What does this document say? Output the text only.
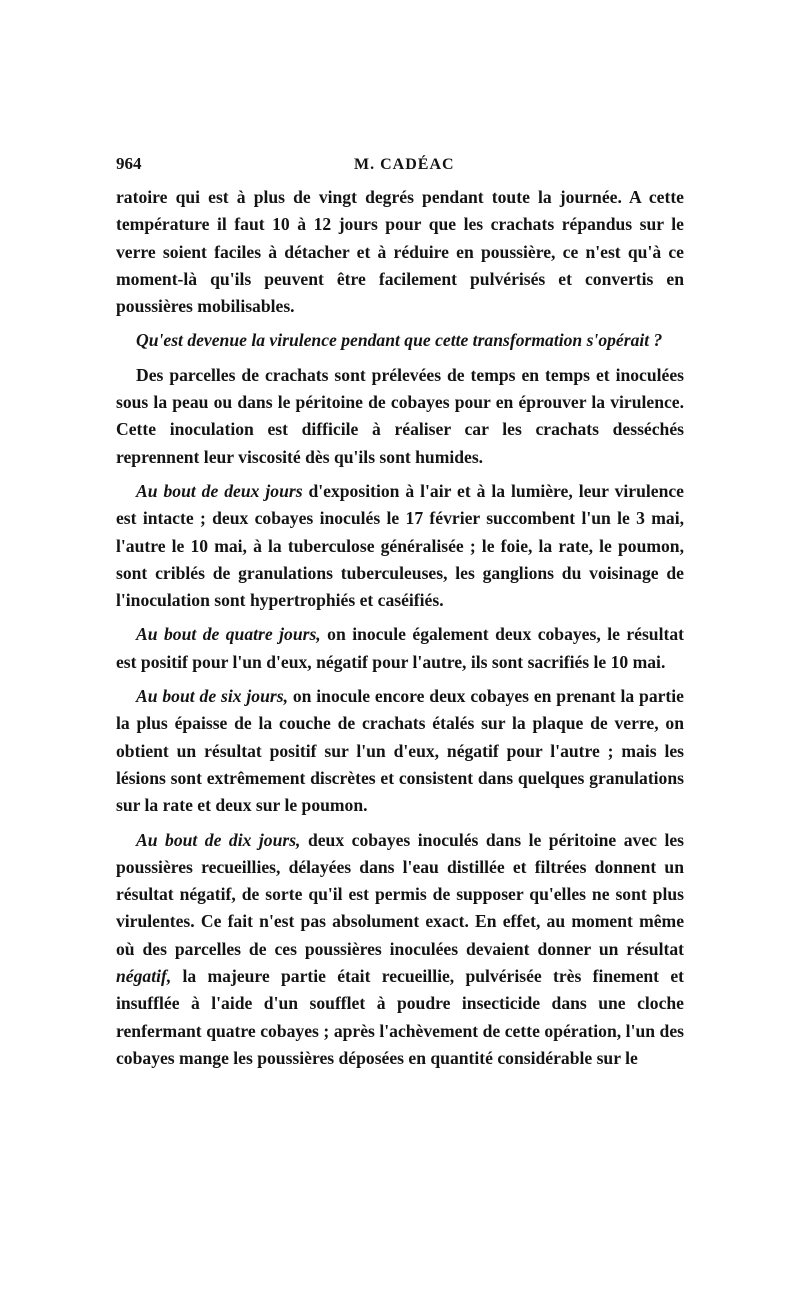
964	M. CADÉAC

ratoire qui est à plus de vingt degrés pendant toute la journée. A cette température il faut 10 à 12 jours pour que les crachats répandus sur le verre soient faciles à détacher et à réduire en poussière, ce n'est qu'à ce moment-là qu'ils peuvent être facilement pulvérisés et convertis en poussières mobilisables.

Qu'est devenue la virulence pendant que cette transformation s'opérait ?

Des parcelles de crachats sont prélevées de temps en temps et inoculées sous la peau ou dans le péritoine de cobayes pour en éprouver la virulence. Cette inoculation est difficile à réaliser car les crachats desséchés reprennent leur viscosité dès qu'ils sont humides.

Au bout de deux jours d'exposition à l'air et à la lumière, leur virulence est intacte ; deux cobayes inoculés le 17 février succombent l'un le 3 mai, l'autre le 10 mai, à la tuberculose généralisée ; le foie, la rate, le poumon, sont criblés de granulations tuberculeuses, les ganglions du voisinage de l'inoculation sont hypertrophiés et caséifiés.

Au bout de quatre jours, on inocule également deux cobayes, le résultat est positif pour l'un d'eux, négatif pour l'autre, ils sont sacrifiés le 10 mai.

Au bout de six jours, on inocule encore deux cobayes en prenant la partie la plus épaisse de la couche de crachats étalés sur la plaque de verre, on obtient un résultat positif sur l'un d'eux, négatif pour l'autre ; mais les lésions sont extrêmement discrètes et consistent dans quelques granulations sur la rate et deux sur le poumon.

Au bout de dix jours, deux cobayes inoculés dans le péritoine avec les poussières recueillies, délayées dans l'eau distillée et filtrées donnent un résultat négatif, de sorte qu'il est permis de supposer qu'elles ne sont plus virulentes. Ce fait n'est pas absolument exact. En effet, au moment même où des parcelles de ces poussières inoculées devaient donner un résultat négatif, la majeure partie était recueillie, pulvérisée très finement et insufflée à l'aide d'un soufflet à poudre insecticide dans une cloche renfermant quatre cobayes ; après l'achèvement de cette opération, l'un des cobayes mange les poussières déposées en quantité considérable sur le
